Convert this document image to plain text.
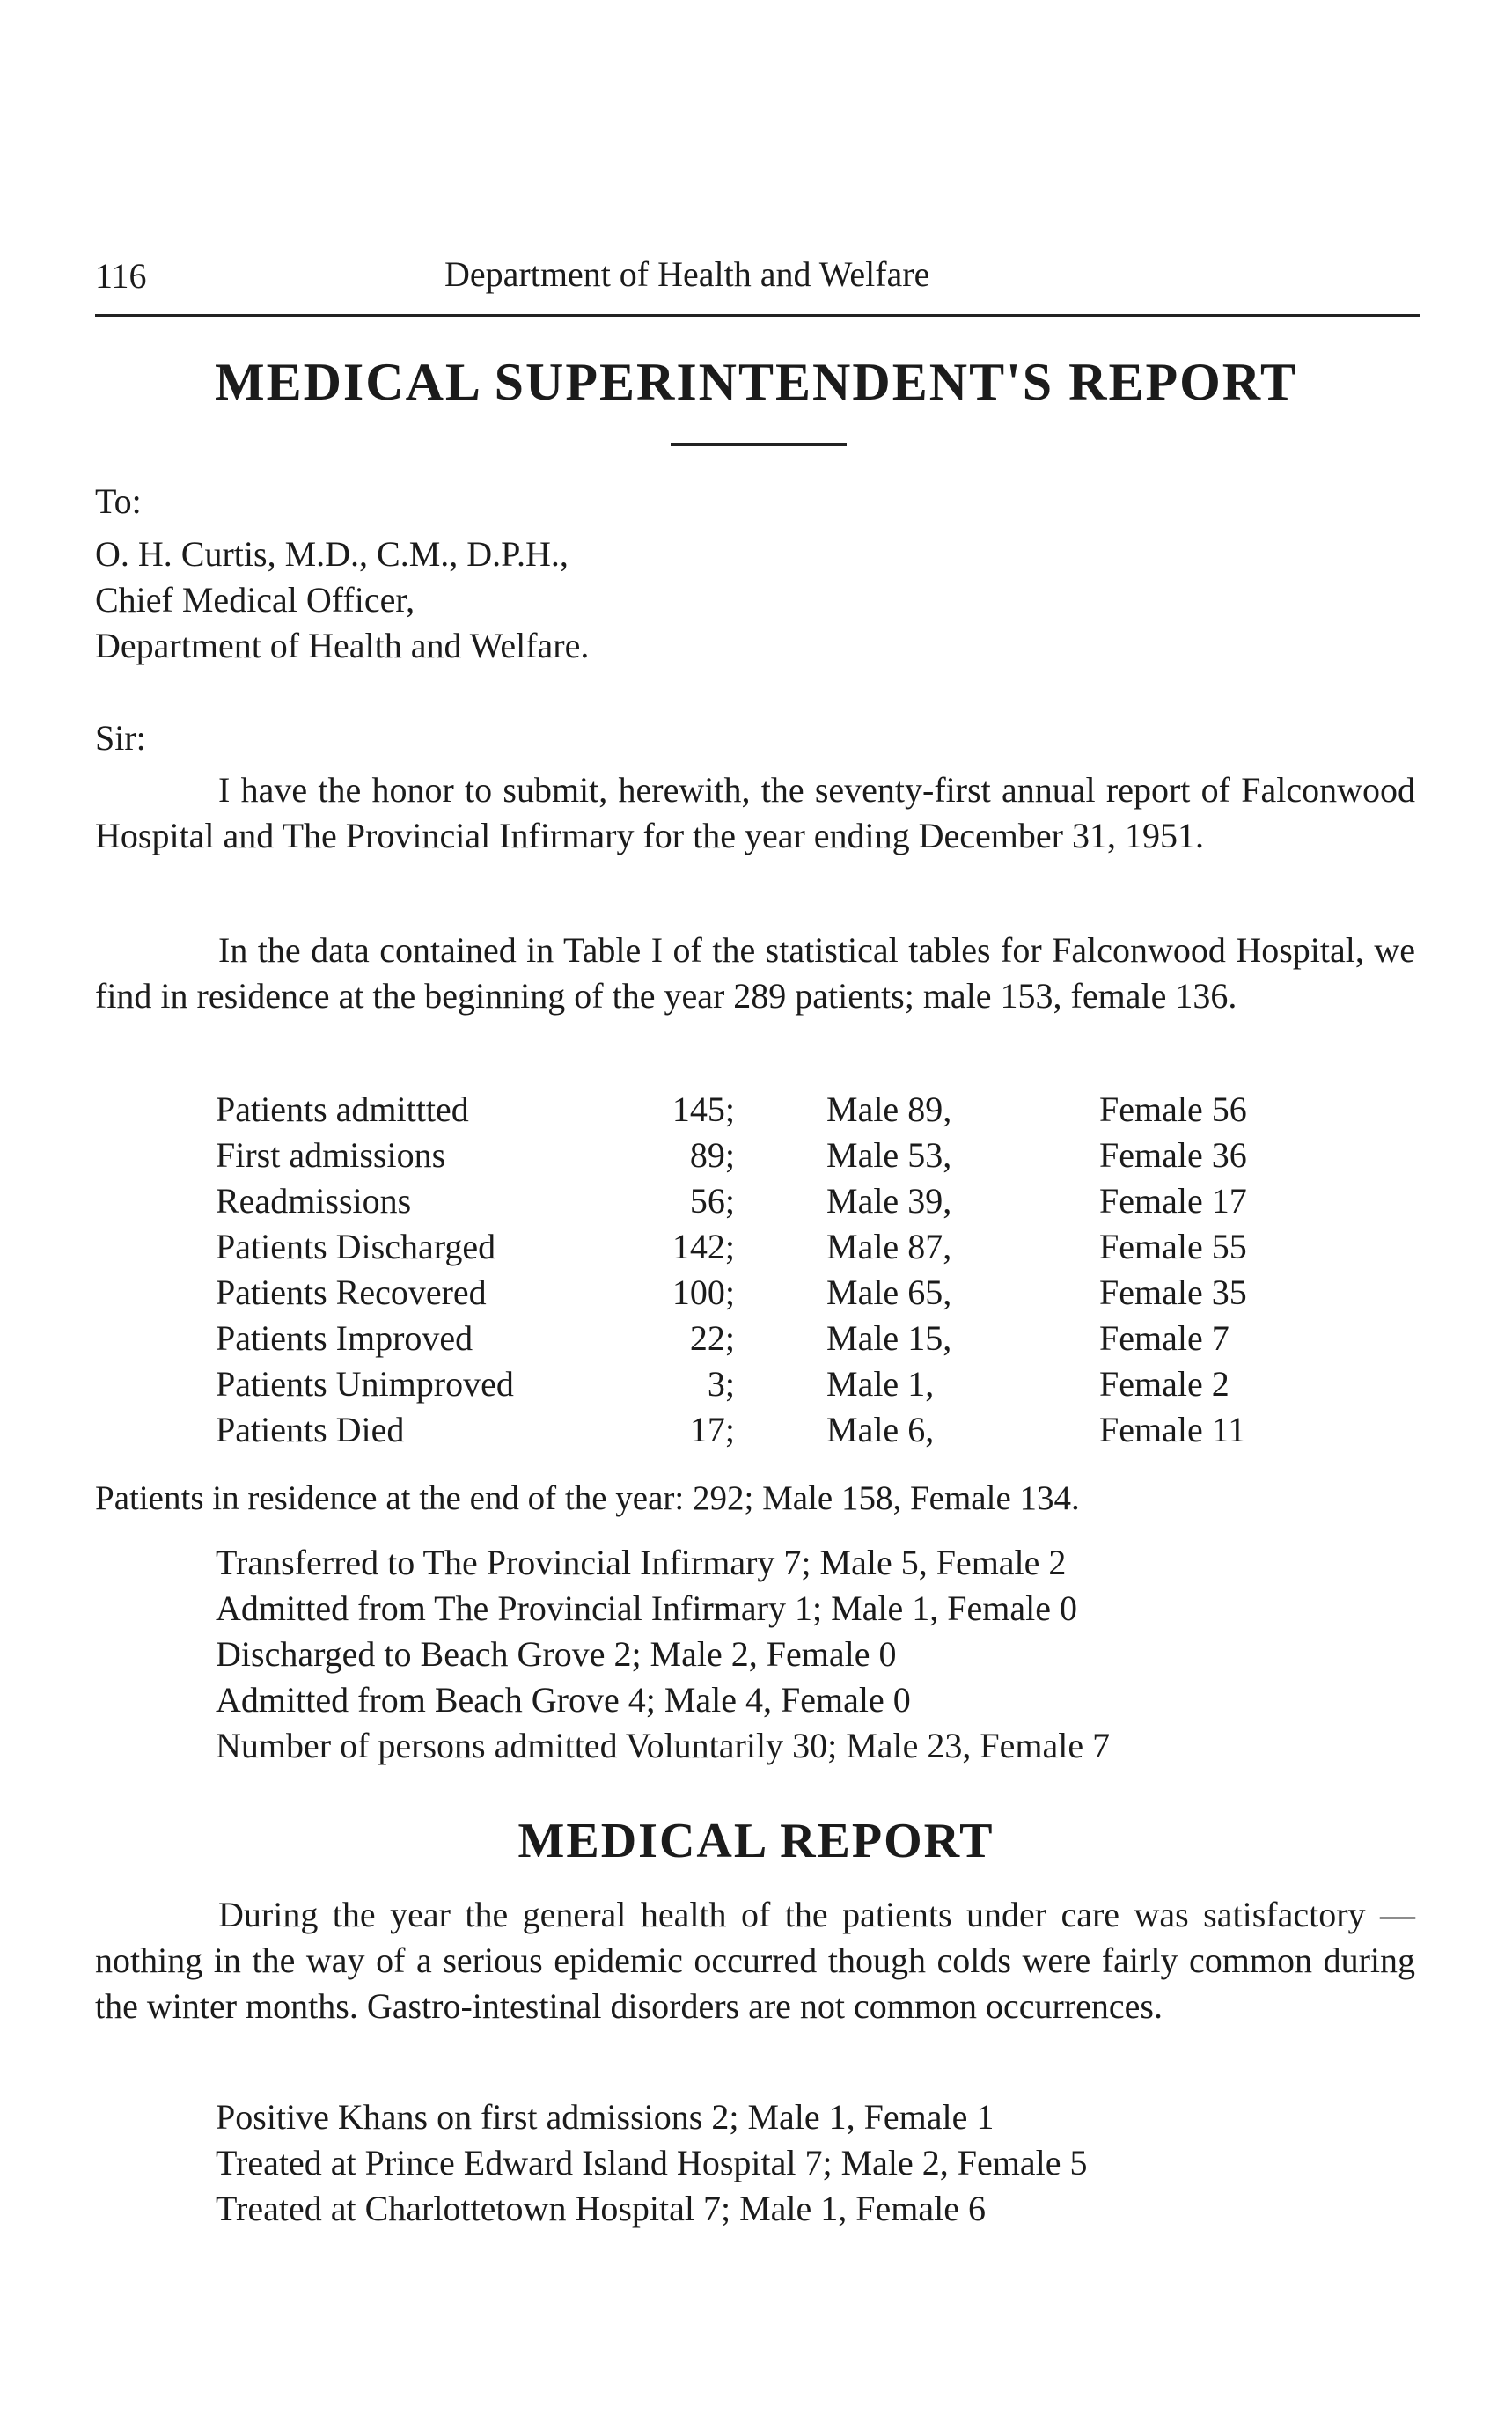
116	Department of Health and Welfare
MEDICAL SUPERINTENDENT'S REPORT
To:
O. H. Curtis, M.D., C.M., D.P.H.,
Chief Medical Officer,
Department of Health and Welfare.
Sir:
I have the honor to submit, herewith, the seventy-first annual report of Falconwood Hospital and The Provincial Infirmary for the year ending December 31, 1951.
In the data contained in Table I of the statistical tables for Falconwood Hospital, we find in residence at the beginning of the year 289 patients; male 153, female 136.
Patients admittted	145;		Male 89,	Female 56
First admissions	89;		Male 53,	Female 36
Readmissions	56;		Male 39,	Female 17
Patients Discharged	142;		Male 87,	Female 55
Patients Recovered	100;		Male 65,	Female 35
Patients Improved	22;		Male 15,	Female 7
Patients Unimproved	3;		Male 1,	Female 2
Patients Died	17;		Male 6,	Female 11
Patients in residence at the end of the year: 292; Male 158, Female 134.
Transferred to The Provincial Infirmary 7; Male 5, Female 2
Admitted from The Provincial Infirmary 1; Male 1, Female 0
Discharged to Beach Grove 2; Male 2, Female 0
Admitted from Beach Grove 4; Male 4, Female 0
Number of persons admitted Voluntarily 30; Male 23, Female 7
MEDICAL REPORT
During the year the general health of the patients under care was satisfactory — nothing in the way of a serious epidemic occurred though colds were fairly common during the winter months. Gastro-intestinal disorders are not common occurrences.
Positive Khans on first admissions 2; Male 1, Female 1
Treated at Prince Edward Island Hospital 7; Male 2, Female 5
Treated at Charlottetown Hospital 7; Male 1, Female 6
